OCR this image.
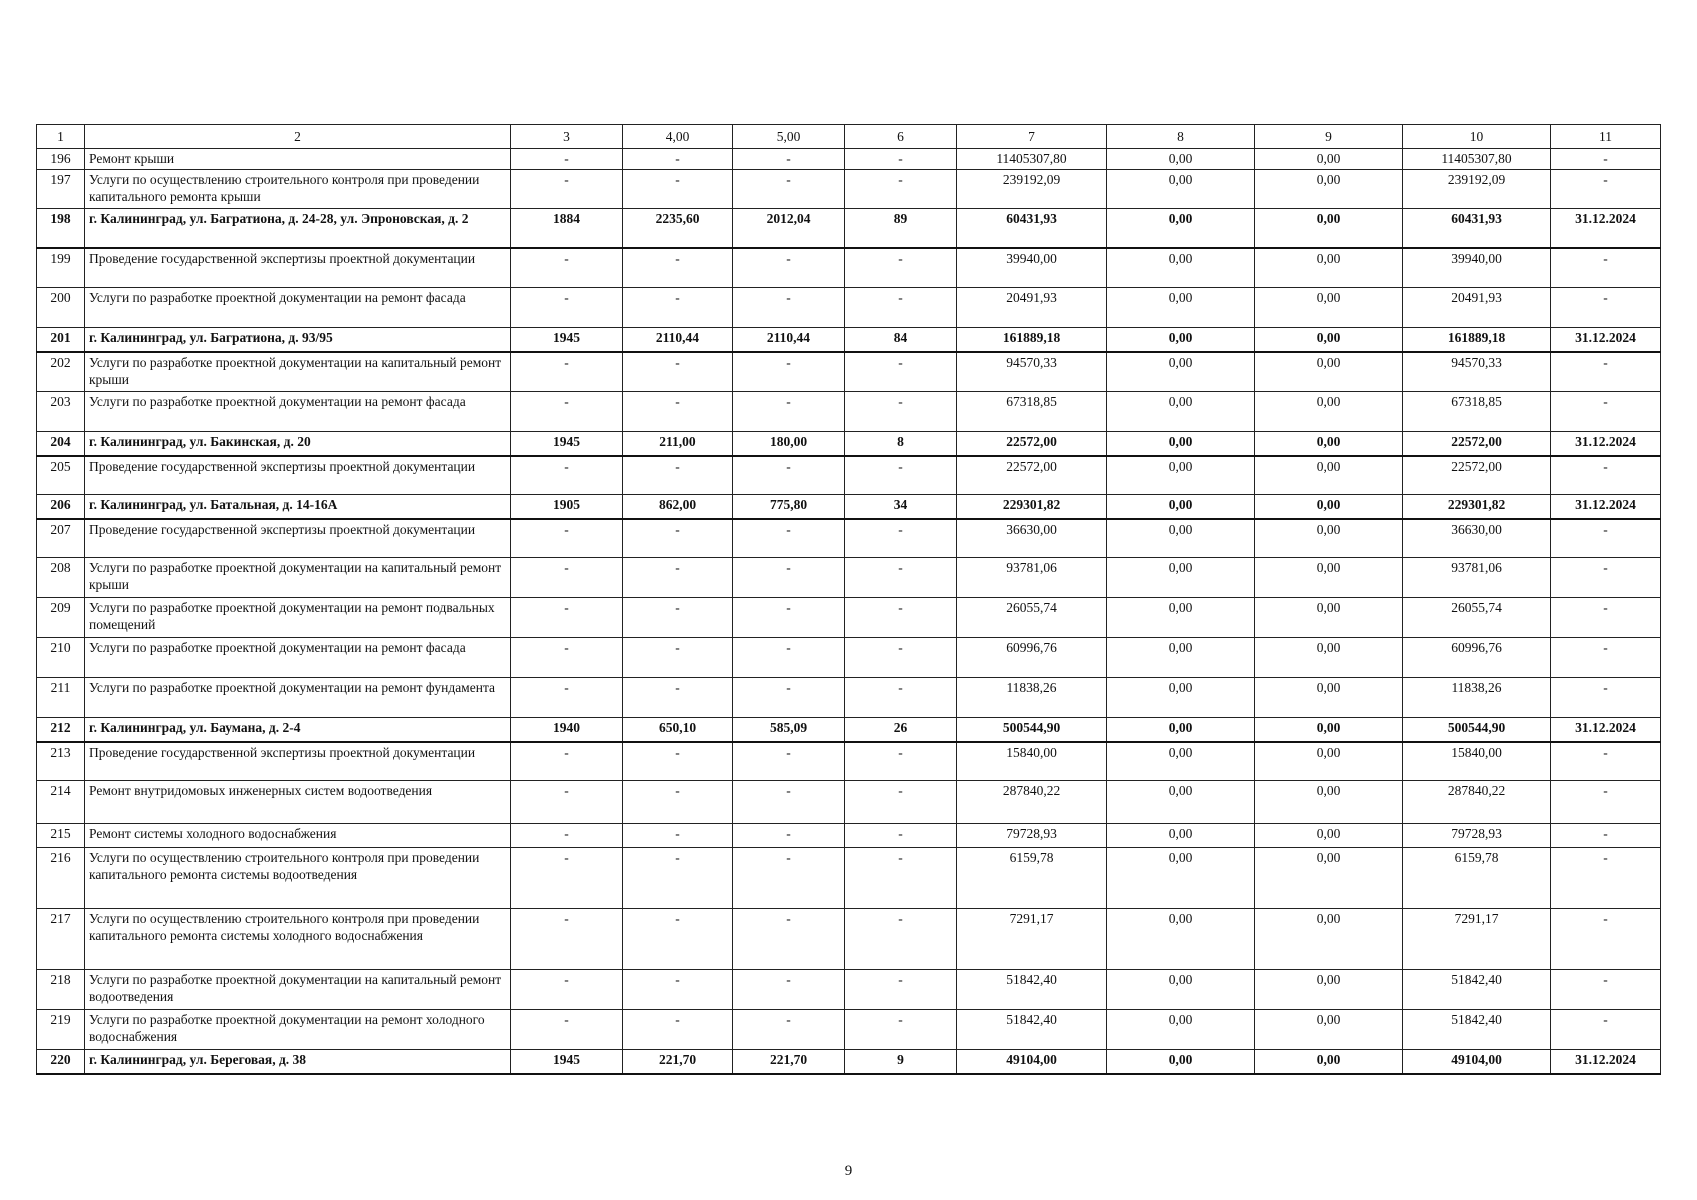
1	2	3	4,00	5,00	6	7	8	9	10	11
196	Ремонт крыши	-	-	-	-	11405307,80	0,00	0,00	11405307,80	-
197	Услуги по осуществлению строительного контроля при проведении капитального ремонта крыши	-	-	-	-	239192,09	0,00	0,00	239192,09	-
198	г. Калининград, ул. Багратиона, д. 24-28, ул. Эпроновская, д. 2	1884	2235,60	2012,04	89	60431,93	0,00	0,00	60431,93	31.12.2024
199	Проведение государственной экспертизы проектной документации	-	-	-	-	39940,00	0,00	0,00	39940,00	-
200	Услуги по разработке проектной документации на ремонт фасада	-	-	-	-	20491,93	0,00	0,00	20491,93	-
201	г. Калининград, ул. Багратиона, д. 93/95	1945	2110,44	2110,44	84	161889,18	0,00	0,00	161889,18	31.12.2024
202	Услуги по разработке проектной документации на капитальный ремонт крыши	-	-	-	-	94570,33	0,00	0,00	94570,33	-
203	Услуги по разработке проектной документации на ремонт фасада	-	-	-	-	67318,85	0,00	0,00	67318,85	-
204	г. Калининград, ул. Бакинская, д. 20	1945	211,00	180,00	8	22572,00	0,00	0,00	22572,00	31.12.2024
205	Проведение государственной экспертизы проектной документации	-	-	-	-	22572,00	0,00	0,00	22572,00	-
206	г. Калининград, ул. Батальная, д. 14-16А	1905	862,00	775,80	34	229301,82	0,00	0,00	229301,82	31.12.2024
207	Проведение государственной экспертизы проектной документации	-	-	-	-	36630,00	0,00	0,00	36630,00	-
208	Услуги по разработке проектной документации на капитальный ремонт крыши	-	-	-	-	93781,06	0,00	0,00	93781,06	-
209	Услуги по разработке проектной документации на ремонт подвальных помещений	-	-	-	-	26055,74	0,00	0,00	26055,74	-
210	Услуги по разработке проектной документации на ремонт фасада	-	-	-	-	60996,76	0,00	0,00	60996,76	-
211	Услуги по разработке проектной документации на ремонт фундамента	-	-	-	-	11838,26	0,00	0,00	11838,26	-
212	г. Калининград, ул. Баумана, д. 2-4	1940	650,10	585,09	26	500544,90	0,00	0,00	500544,90	31.12.2024
213	Проведение государственной экспертизы проектной документации	-	-	-	-	15840,00	0,00	0,00	15840,00	-
214	Ремонт внутридомовых инженерных систем водоотведения	-	-	-	-	287840,22	0,00	0,00	287840,22	-
215	Ремонт системы холодного водоснабжения	-	-	-	-	79728,93	0,00	0,00	79728,93	-
216	Услуги по осуществлению строительного контроля при проведении капитального ремонта системы водоотведения	-	-	-	-	6159,78	0,00	0,00	6159,78	-
217	Услуги по осуществлению строительного контроля при проведении капитального ремонта системы холодного водоснабжения	-	-	-	-	7291,17	0,00	0,00	7291,17	-
218	Услуги по разработке проектной документации на капитальный ремонт водоотведения	-	-	-	-	51842,40	0,00	0,00	51842,40	-
219	Услуги по разработке проектной документации на ремонт холодного водоснабжения	-	-	-	-	51842,40	0,00	0,00	51842,40	-
220	г. Калининград, ул. Береговая, д. 38	1945	221,70	221,70	9	49104,00	0,00	0,00	49104,00	31.12.2024
9
